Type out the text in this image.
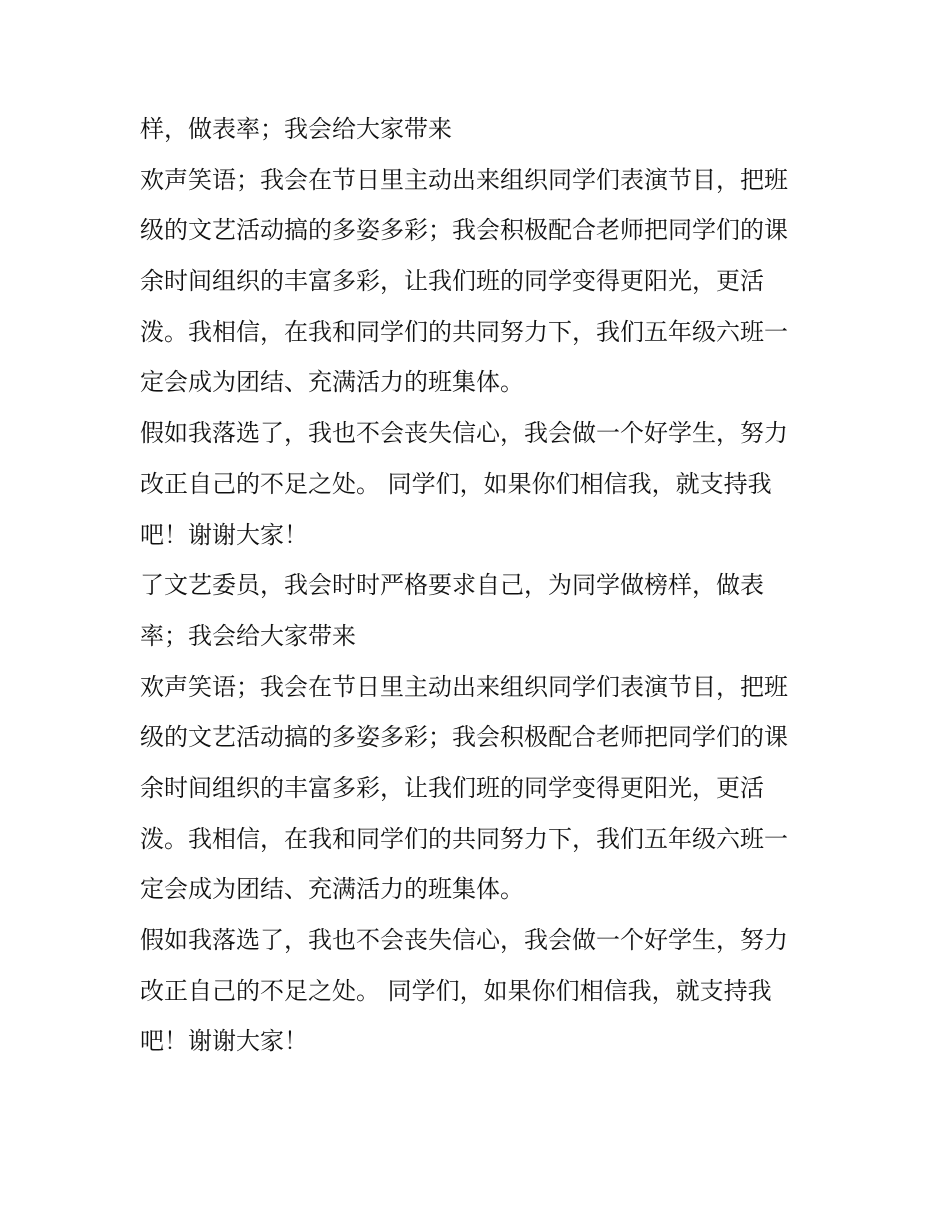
样，做表率；我会给大家带来
欢声笑语；我会在节日里主动出来组织同学们表演节目，把班
级的文艺活动搞的多姿多彩；我会积极配合老师把同学们的课
余时间组织的丰富多彩，让我们班的同学变得更阳光，更活
泼。我相信，在我和同学们的共同努力下，我们五年级六班一
定会成为团结、充满活力的班集体。
假如我落选了，我也不会丧失信心，我会做一个好学生，努力
改正自己的不足之处。 同学们，如果你们相信我，就支持我
吧！谢谢大家！
了文艺委员，我会时时严格要求自己，为同学做榜样，做表
率；我会给大家带来
欢声笑语；我会在节日里主动出来组织同学们表演节目，把班
级的文艺活动搞的多姿多彩；我会积极配合老师把同学们的课
余时间组织的丰富多彩，让我们班的同学变得更阳光，更活
泼。我相信，在我和同学们的共同努力下，我们五年级六班一
定会成为团结、充满活力的班集体。
假如我落选了，我也不会丧失信心，我会做一个好学生，努力
改正自己的不足之处。 同学们，如果你们相信我，就支持我
吧！谢谢大家！
